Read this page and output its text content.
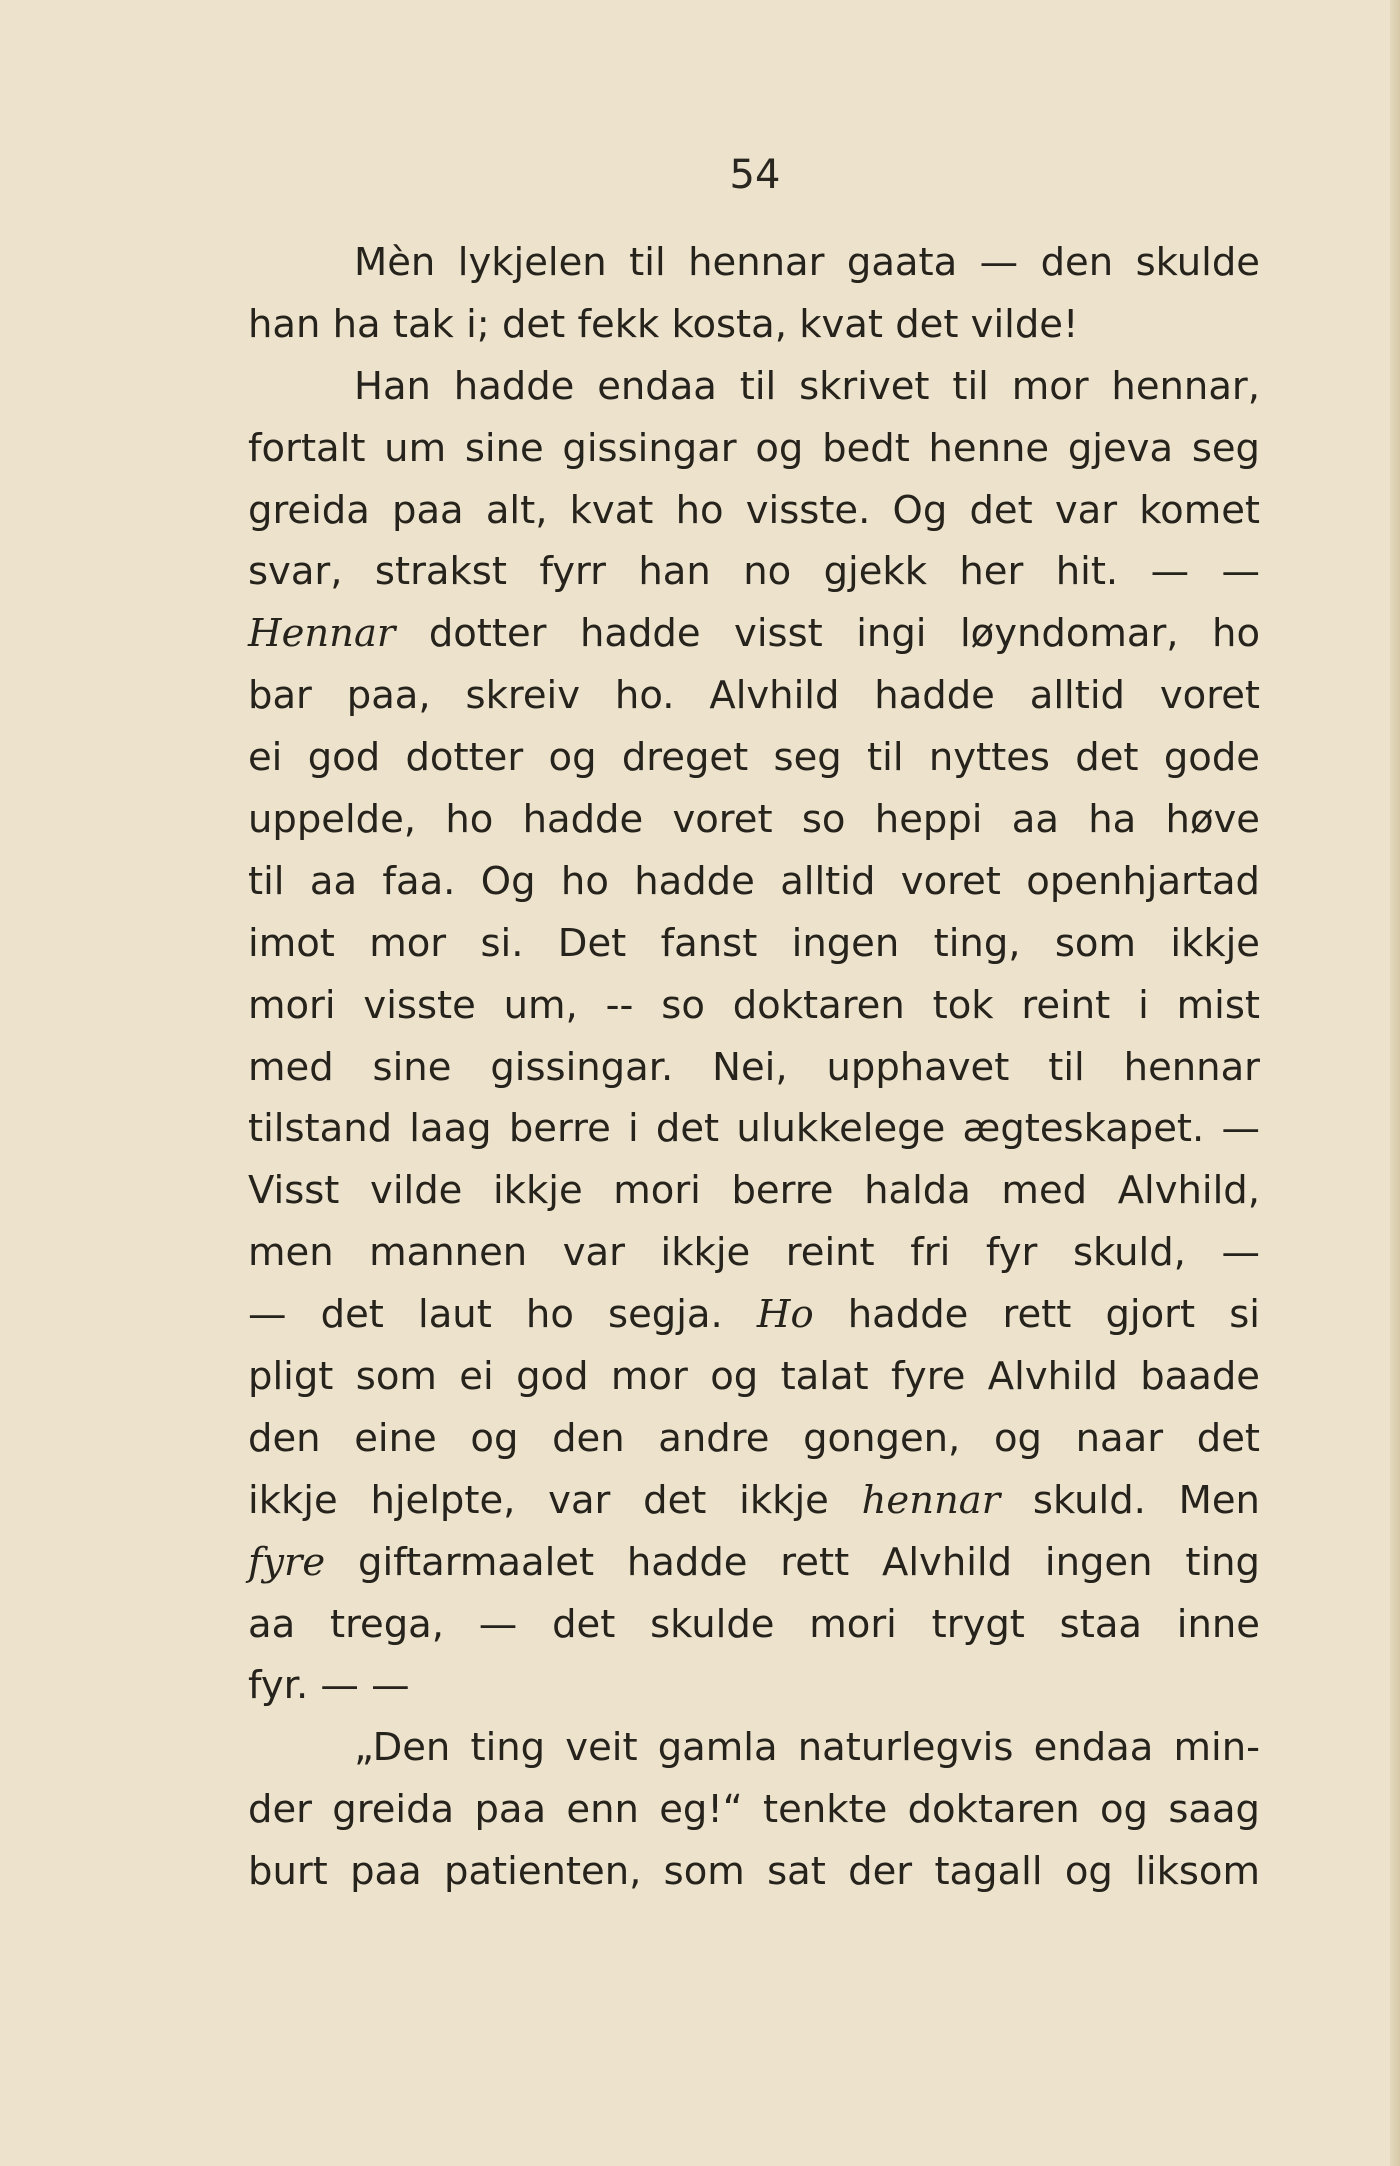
54
Mèn lykjelen til hennar gaata — den skulde
han ha tak i; det fekk kosta, kvat det vilde!
Han hadde endaa til skrivet til mor hennar,
fortalt um sine gissingar og bedt henne gjeva seg
greida paa alt, kvat ho visste. Og det var komet
svar, strakst fyrr han no gjekk her hit. — —
Hennar dotter hadde visst ingi løyndomar, ho
bar paa, skreiv ho. Alvhild hadde alltid voret
ei god dotter og dreget seg til nyttes det gode
uppelde, ho hadde voret so heppi aa ha høve
til aa faa. Og ho hadde alltid voret openhjartad
imot mor si. Det fanst ingen ting, som ikkje
mori visste um, -- so doktaren tok reint i mist
med sine gissingar. Nei, upphavet til hennar
tilstand laag berre i det ulukkelege ægteskapet. —
Visst vilde ikkje mori berre halda med Alvhild,
men mannen var ikkje reint fri fyr skuld, —
— det laut ho segja. Ho hadde rett gjort si
pligt som ei god mor og talat fyre Alvhild baade
den eine og den andre gongen, og naar det
ikkje hjelpte, var det ikkje hennar skuld. Men
fyre giftarmaalet hadde rett Alvhild ingen ting
aa trega, — det skulde mori trygt staa inne
fyr. — —
„Den ting veit gamla naturlegvis endaa min-
der greida paa enn eg!“ tenkte doktaren og saag
burt paa patienten, som sat der tagall og liksom
